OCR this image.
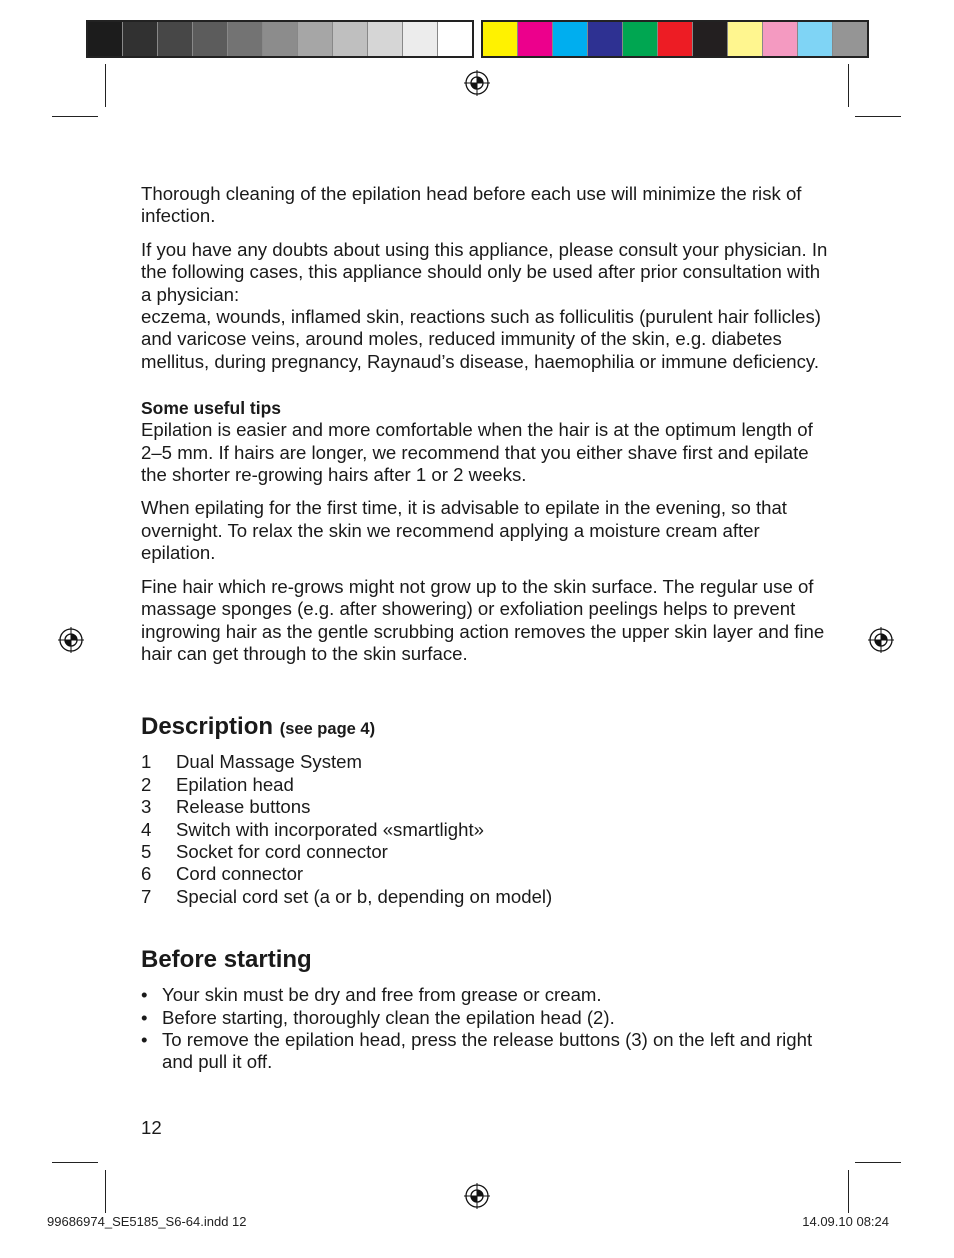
Thorough cleaning of the epilation head before each use will minimize the risk of infection.

If you have any doubts about using this appliance, please consult your physician. In the following cases, this appliance should only be used after prior consultation with a physician:

eczema, wounds, inflamed skin, reactions such as folliculitis (purulent hair follicles) and varicose veins, around moles, reduced immunity of the skin, e.g. diabetes mellitus, during pregnancy, Raynaud’s disease, haemophilia or immune deficiency.

Some useful tips

Epilation is easier and more comfortable when the hair is at the optimum length of 2–5 mm. If hairs are longer, we recommend that you either shave first and epilate the shorter re-growing hairs after 1 or 2 weeks.

When epilating for the first time, it is advisable to epilate in the evening, so that overnight. To relax the skin we recommend applying a moisture cream after epilation.

Fine hair which re-grows might not grow up to the skin surface. The regular use of massage sponges (e.g. after showering) or exfoliation peelings helps to prevent ingrowing hair as the gentle scrubbing action removes the upper skin layer and fine hair can get through to the skin surface.

Description (see page 4)
1	Dual Massage System
2	Epilation head
3	Release buttons
4	Switch with incorporated «smartlight»
5	Socket for cord connector
6	Cord connector
7	Special cord set (a or b, depending on model)
Before starting
• Your skin must be dry and free from grease or cream.
• Before starting, thoroughly clean the epilation head (2).
• To remove the epilation head, press the release buttons (3) on the left and right and pull it off.
12
99686974_SE5185_S6-64.indd 12	14.09.10 08:24
